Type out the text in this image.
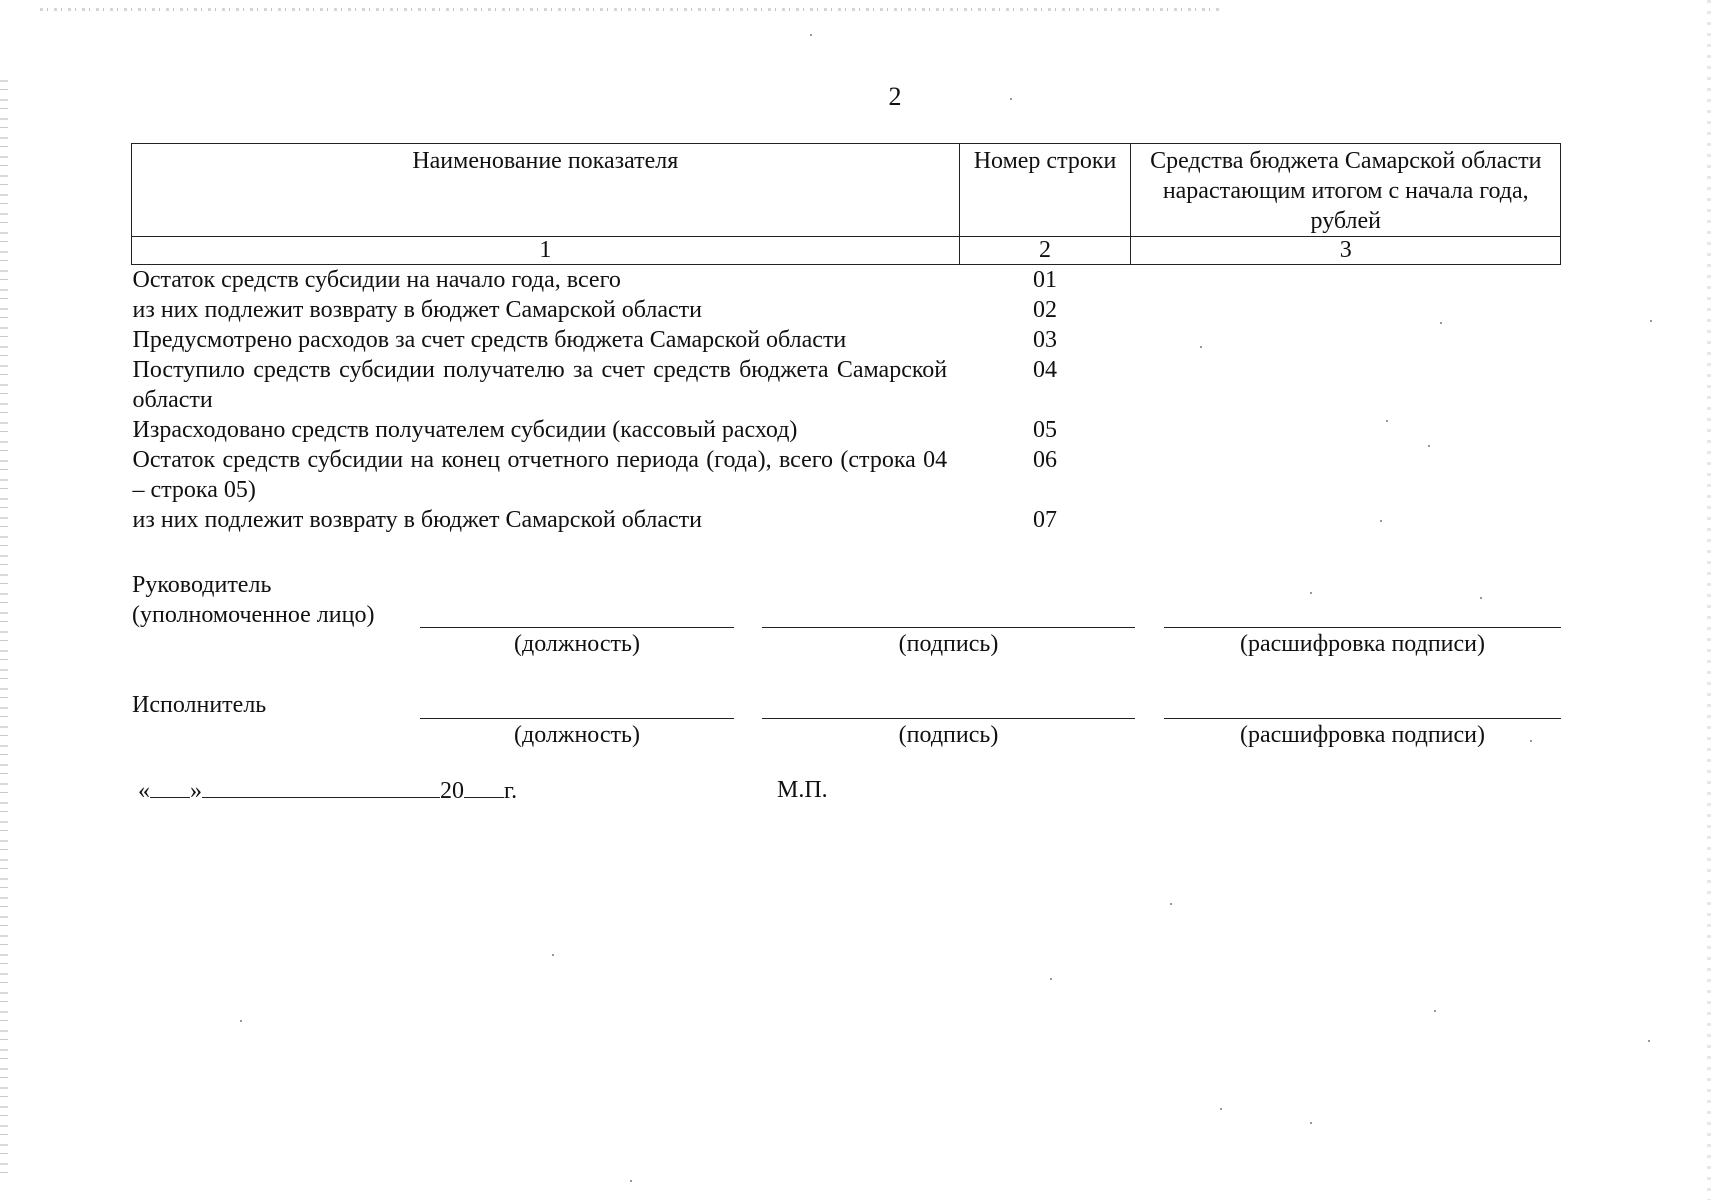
2
Наименование показателя	Номер строки	Средства бюджета Самарской области нарастающим итогом с начала года, рублей
1	2	3
Остаток средств субсидии на начало года, всего	01	
из них подлежит возврату в бюджет Самарской области	02	
Предусмотрено расходов за счет средств бюджета Самарской области	03	
Поступило средств субсидии получателю за счет средств бюджета Самарской области	04	
Израсходовано средств получателем субсидии (кассовый расход)	05	
Остаток средств субсидии на конец отчетного периода (года), всего (строка 04 – строка 05)	06	
из них подлежит возврату в бюджет Самарской области	07	
Руководитель
(уполномоченное лицо)
(должность)	(подпись)	(расшифровка подписи)
Исполнитель
(должность)	(подпись)	(расшифровка подписи)
« »	20 г.	М.П.
